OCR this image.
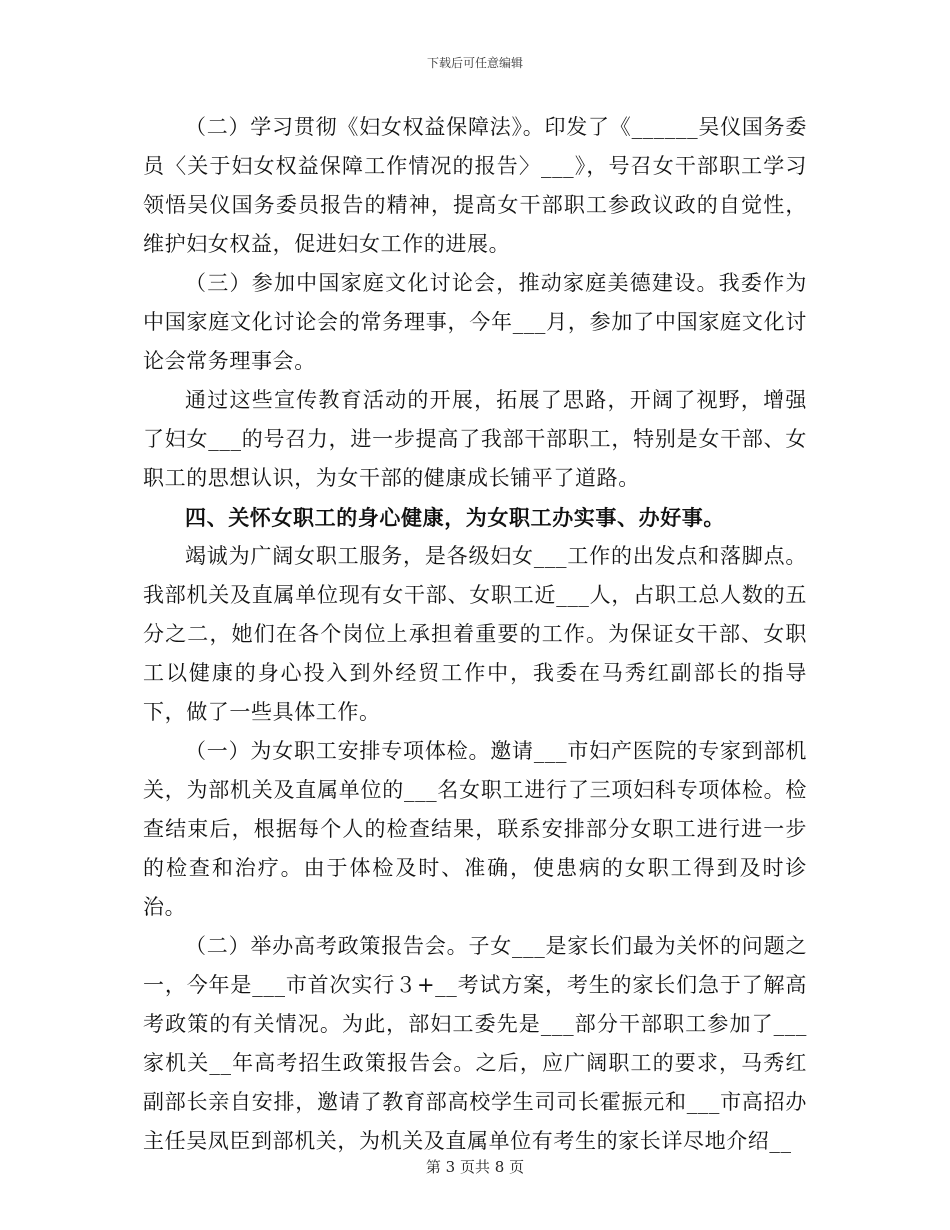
下载后可任意编辑

（二）学习贯彻《妇女权益保障法》。印发了《______吴仪国务委员〈关于妇女权益保障工作情况的报告〉___》，号召女干部职工学习领悟吴仪国务委员报告的精神，提高女干部职工参政议政的自觉性，维护妇女权益，促进妇女工作的进展。

（三）参加中国家庭文化讨论会，推动家庭美德建设。我委作为中国家庭文化讨论会的常务理事，今年___月，参加了中国家庭文化讨论会常务理事会。

通过这些宣传教育活动的开展，拓展了思路，开阔了视野，增强了妇女___的号召力，进一步提高了我部干部职工，特别是女干部、女职工的思想认识，为女干部的健康成长铺平了道路。

四、关怀女职工的身心健康，为女职工办实事、办好事。

竭诚为广阔女职工服务，是各级妇女___工作的出发点和落脚点。我部机关及直属单位现有女干部、女职工近___人，占职工总人数的五分之二，她们在各个岗位上承担着重要的工作。为保证女干部、女职工以健康的身心投入到外经贸工作中，我委在马秀红副部长的指导下，做了一些具体工作。

（一）为女职工安排专项体检。邀请___市妇产医院的专家到部机关，为部机关及直属单位的___名女职工进行了三项妇科专项体检。检查结束后，根据每个人的检查结果，联系安排部分女职工进行进一步的检查和治疗。由于体检及时、准确，使患病的女职工得到及时诊治。

（二）举办高考政策报告会。子女___是家长们最为关怀的问题之一，今年是___市首次实行３+__考试方案，考生的家长们急于了解高考政策的有关情况。为此，部妇工委先是___部分干部职工参加了___家机关__年高考招生政策报告会。之后，应广阔职工的要求，马秀红副部长亲自安排，邀请了教育部高校学生司司长霍振元和___市高招办主任吴凤臣到部机关，为机关及直属单位有考生的家长详尽地介绍__

第 3 页共 8 页
